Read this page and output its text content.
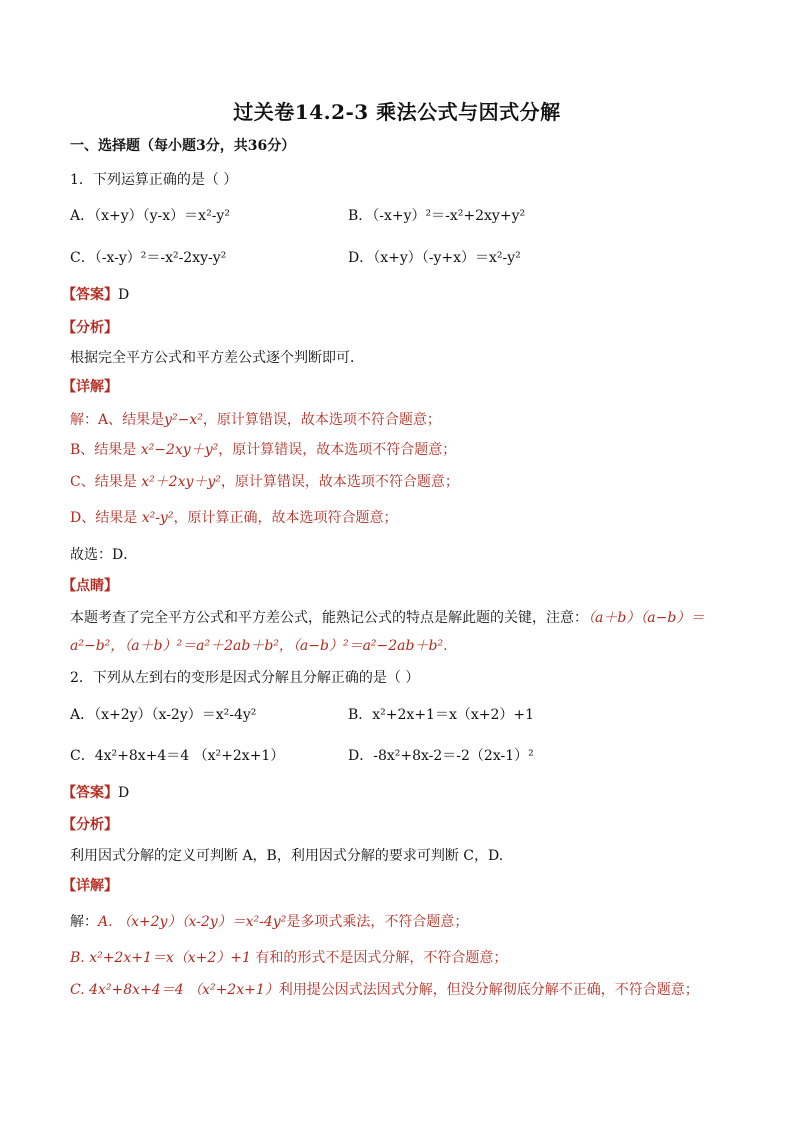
过关卷14.2-3 乘法公式与因式分解
一、选择题（每小题3分，共36分）
1．下列运算正确的是（ ）
A．（x+y）（y-x）＝x²-y²	B．（-x+y）²＝-x²+2xy+y²
C．（-x-y）²＝-x²-2xy-y²	D．（x+y）（-y+x）＝x²-y²
【答案】D
【分析】
根据完全平方公式和平方差公式逐个判断即可．
【详解】
解：A、结果是y²−x²，原计算错误，故本选项不符合题意；
B、结果是 x²−2xy＋y²，原计算错误，故本选项不符合题意；
C、结果是 x²＋2xy＋y²，原计算错误，故本选项不符合题意；
D、结果是 x²-y²，原计算正确，故本选项符合题意；
故选：D．
【点睛】
本题考查了完全平方公式和平方差公式，能熟记公式的特点是解此题的关键，注意：（a＋b）（a−b）＝
a²−b²，（a＋b）²＝a²＋2ab＋b²，（a−b）²＝a²−2ab＋b².
2．下列从左到右的变形是因式分解且分解正确的是（ ）
A．（x+2y）（x-2y）＝x²-4y²	B．x²+2x+1＝x（x+2）+1
C．4x²+8x+4＝4 （x²+2x+1）	D．-8x²+8x-2＝-2（2x-1）²
【答案】D
【分析】
利用因式分解的定义可判断 A，B，利用因式分解的要求可判断 C，D.
【详解】
解：A. （x+2y）（x-2y）＝x²-4y²是多项式乘法，不符合题意；
B. x²+2x+1＝x（x+2）+1 有和的形式不是因式分解，不符合题意；
C. 4x²+8x+4＝4 （x²+2x+1）利用提公因式法因式分解，但没分解彻底分解不正确，不符合题意；
